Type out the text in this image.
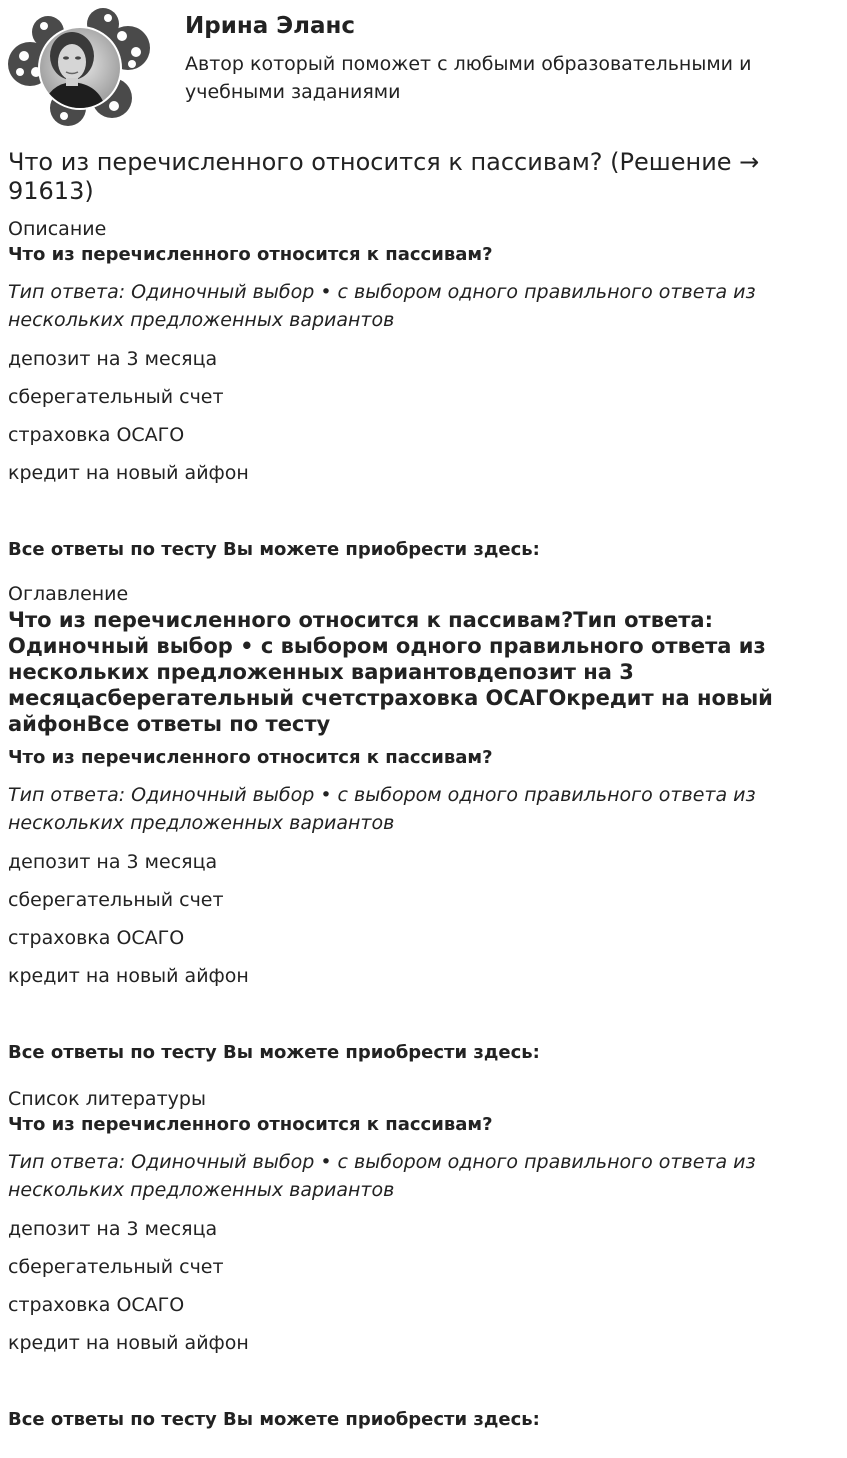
Ирина Эланс
Автор который поможет с любыми образовательными и учебными заданиями
Что из перечисленного относится к пассивам? (Решение → 91613)
Описание
Что из перечисленного относится к пассивам?
Тип ответа: Одиночный выбор • с выбором одного правильного ответа из нескольких предложенных вариантов
депозит на 3 месяца
сберегательный счет
страховка ОСАГО
кредит на новый айфон
Все ответы по тесту Вы можете приобрести здесь:
Оглавление
Что из перечисленного относится к пассивам?Тип ответа: Одиночный выбор • с выбором одного правильного ответа из нескольких предложенных вариантовдепозит на 3 месяцасберегательный счетстраховка ОСАГОкредит на новый айфонВсе ответы по тесту
Что из перечисленного относится к пассивам?
Тип ответа: Одиночный выбор • с выбором одного правильного ответа из нескольких предложенных вариантов
депозит на 3 месяца
сберегательный счет
страховка ОСАГО
кредит на новый айфон
Все ответы по тесту Вы можете приобрести здесь:
Список литературы
Что из перечисленного относится к пассивам?
Тип ответа: Одиночный выбор • с выбором одного правильного ответа из нескольких предложенных вариантов
депозит на 3 месяца
сберегательный счет
страховка ОСАГО
кредит на новый айфон
Все ответы по тесту Вы можете приобрести здесь:
